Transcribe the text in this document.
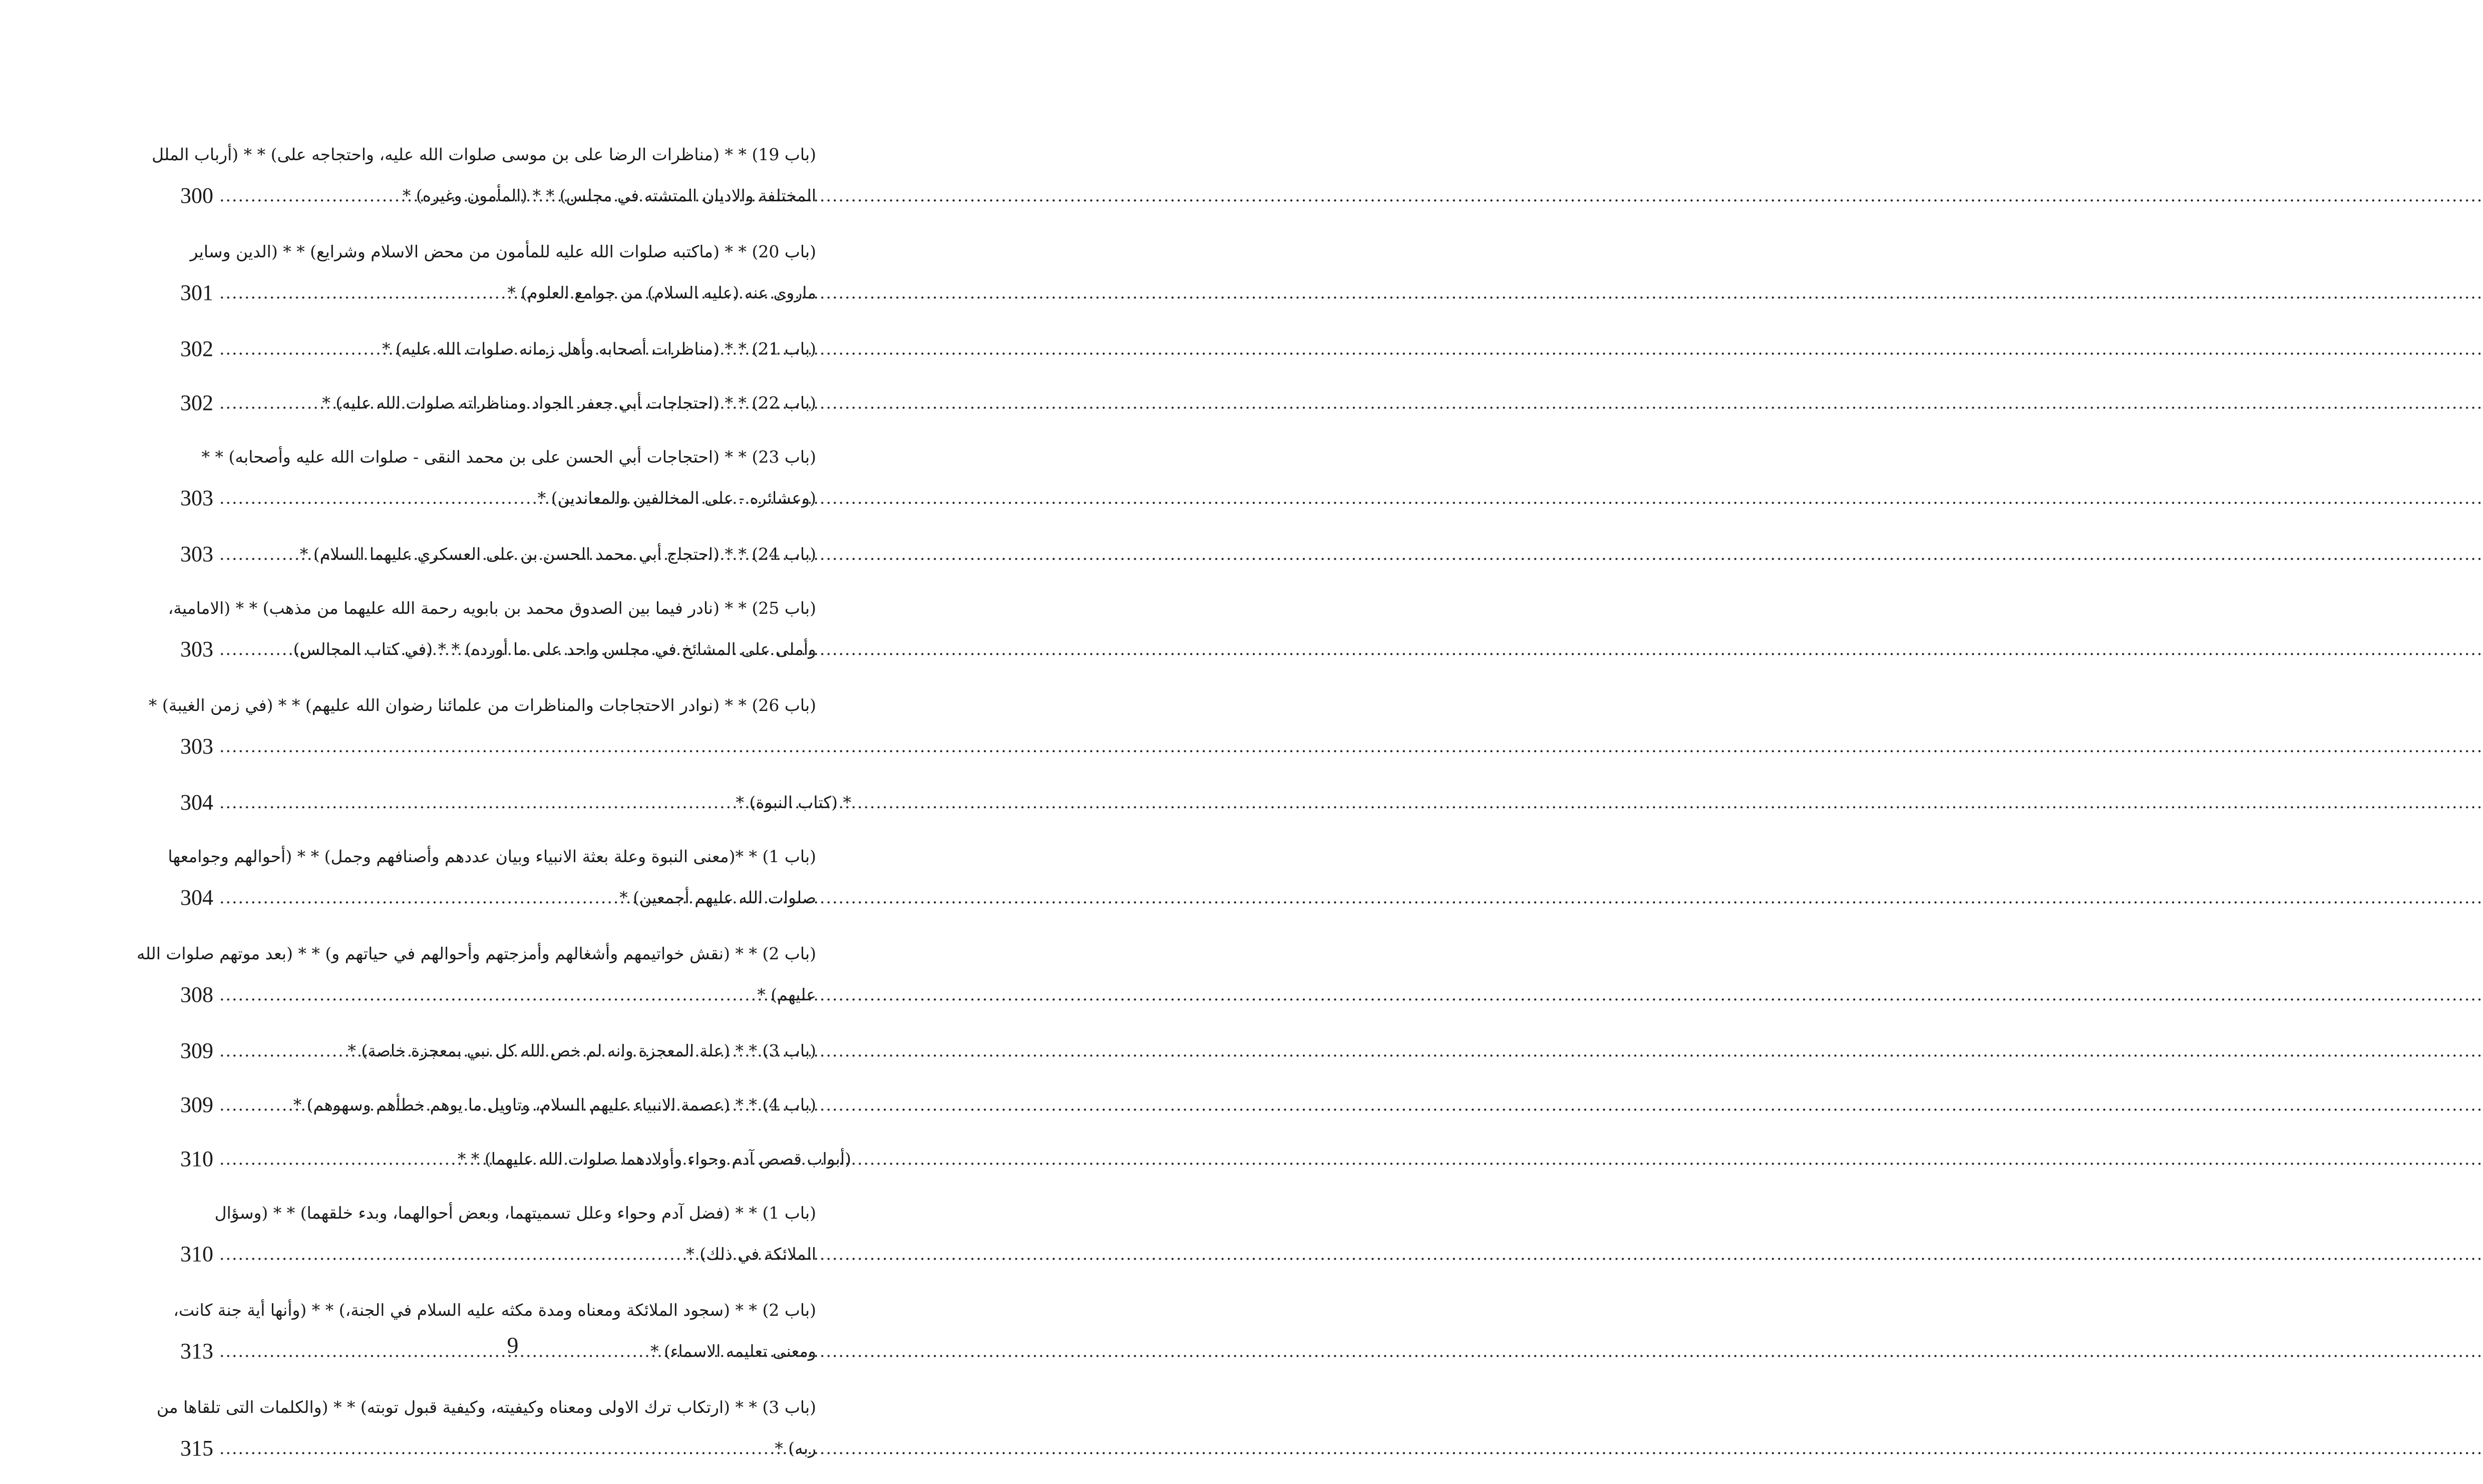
(باب 19) * * (مناظرات الرضا على بن موسى صلوات الله عليه، واحتجاجه على) * * (أرباب الملل
المختلفة والاديان المتشته في مجلس) * * (المأمون وغيره) *
.....
300
(باب 20) * * (ماكتبه صلوات الله عليه للمأمون من محض الاسلام وشرايع) * * (الدين وساير
ماروى عنه (عليه السلام) من جوامع العلوم) *
.....
301
(باب 21) * * (مناظرات أصحابه وأهل زمانه صلوات الله عليه) *
.....
302
(باب 22) * * (احتجاجات أبي جعفر الجواد ومناظراته صلوات الله عليه) *
.....
302
(باب 23) * * (احتجاجات أبي الحسن على بن محمد النقى - صلوات الله عليه وأصحابه) * *
(وعشائره - على المخالفين والمعاندين) *
.....
303
(باب 24) * * (احتجاج أبي محمد الحسن بن على العسكري عليهما السلام) *
.....
303
(باب 25) * * (نادر فيما بين الصدوق محمد بن بابويه رحمة الله عليهما من مذهب) * * (الامامية،
وأملى على المشائخ في مجلس واحد على ما أورده) * * (في كتاب المجالس)
.....
303
(باب 26) * * (نوادر الاحتجاجات والمناظرات من علمائنا رضوان الله عليهم) * * (في زمن الغيبة) *
.....
303
* (كتاب النبوة) *
.....
304
(باب 1) * *(معنى النبوة وعلة بعثة الانبياء وبيان عددهم وأصنافهم وجمل) * * (أحوالهم وجوامعها
صلوات الله عليهم أجمعين) *
.....
304
(باب 2) * * (نقش خواتيمهم وأشغالهم وأمزجتهم وأحوالهم في حياتهم و) * * (بعد موتهم صلوات الله
عليهم) *
.....
308
(باب 3) * * (علة المعجزة وانه لم خص الله كل نبي بمعجزة خاصة) *
.....
309
(باب 4) * * (عصمة الانبياء عليهم السلام، وتاويل ما يوهم خطأهم وسهوهم) *
.....
309
(أبواب قصص آدم وحواء وأولادهما صلوات الله عليهما) * *
.....
310
(باب 1) * * (فضل آدم وحواء وعلل تسميتهما، وبعض أحوالهما، وبدء خلقهما) * * (وسؤال
الملائكة في ذلك) *
.....
310
(باب 2) * * (سجود الملائكة ومعناه ومدة مكثه عليه السلام في الجنة،) * * (وأنها أية جنة كانت،
ومعنى تعليمه الاسماء) *
.....
313
(باب 3) * * (ارتكاب ترك الاولى ومعناه وكيفيته، وكيفية قبول توبته) * * (والكلمات التى تلقاها من
ربه) *
.....
315
9
